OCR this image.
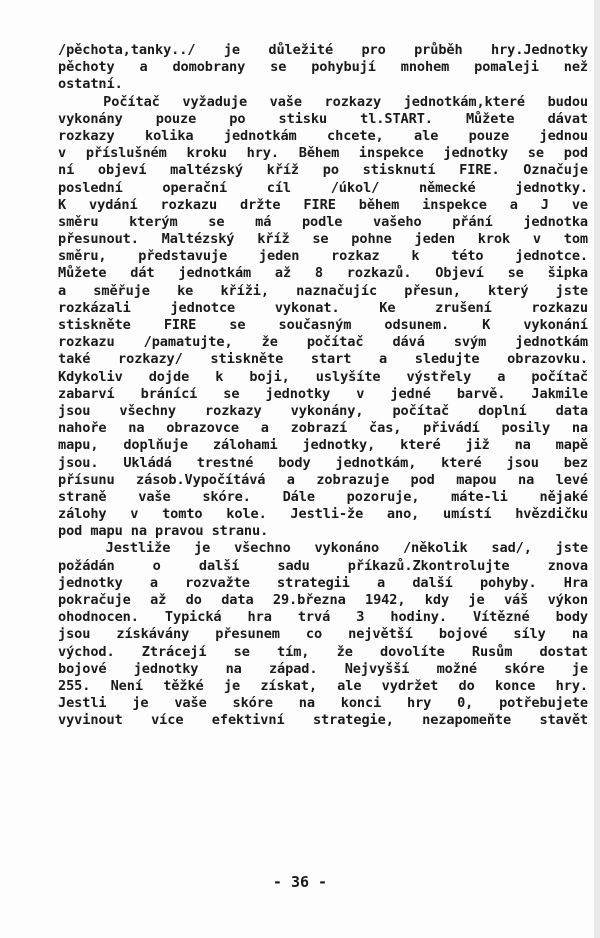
/pěchota,tanky../ je důležité pro průběh hry.Jednotky
pěchoty a domobrany se pohybují mnohem pomaleji než
ostatní.
Počítač vyžaduje vaše rozkazy jednotkám,které budou
vykonány pouze po stisku tl.START. Můžete dávat
rozkazy kolika jednotkám chcete, ale pouze jednou
v příslušném kroku hry. Během inspekce jednotky se pod
ní objeví maltézský kříž po stisknutí FIRE. Označuje
poslední operační cíl /úkol/ německé jednotky.
K vydání rozkazu držte FIRE během inspekce a J ve
směru kterým se má podle vašeho přání jednotka
přesunout. Maltézský kříž se pohne jeden krok v tom
směru, představuje jeden rozkaz k této jednotce.
Můžete dát jednotkám až 8 rozkazů. Objeví se šipka
a směřuje ke kříži, naznačujíc přesun, který jste
rozkázali jednotce vykonat. Ke zrušení rozkazu
stiskněte FIRE se současným odsunem. K vykonání
rozkazu /pamatujte, že počítač dává svým jednotkám
také rozkazy/ stiskněte start a sledujte obrazovku.
Kdykoliv dojde k boji, uslyšíte výstřely a počítač
zabarví bránící se jednotky v jedné barvě. Jakmile
jsou všechny rozkazy vykonány, počítač doplní data
nahoře na obrazovce a zobrazí čas, přivádí posily na
mapu, doplňuje zálohami jednotky, které již na mapě
jsou. Ukládá trestné body jednotkám, které jsou bez
přísunu zásob.Vypočítává a zobrazuje pod mapou na levé
straně vaše skóre. Dále pozoruje, máte-li nějaké
zálohy v tomto kole. Jestli-že ano, umístí hvězdičku
pod mapu na pravou stranu.
Jestliže je všechno vykonáno /několik sad/, jste
požádán o další sadu příkazů.Zkontrolujte znova
jednotky a rozvažte strategii a další pohyby. Hra
pokračuje až do data 29.března 1942, kdy je váš výkon
ohodnocen. Typická hra trvá 3 hodiny. Vítězné body
jsou získávány přesunem co největší bojové síly na
východ. Ztrácejí se tím, že dovolíte Rusům dostat
bojové jednotky na západ. Nejvyšší možné skóre je
255. Není těžké je získat, ale vydržet do konce hry.
Jestli je vaše skóre na konci hry 0, potřebujete
vyvinout více efektivní strategie, nezapomeňte stavět
- 36 -
